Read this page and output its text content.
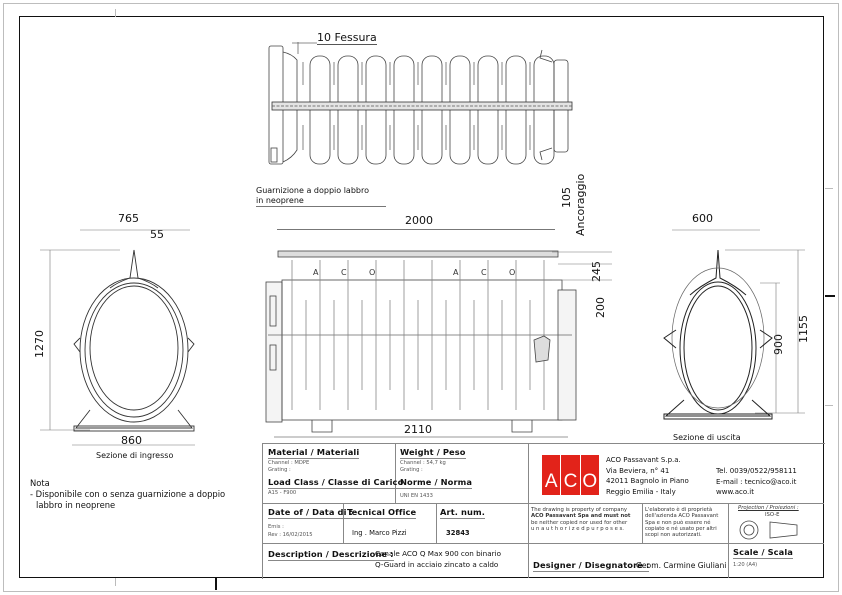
10 Fessura
Guarnizione a doppio labbro
in neoprene
2000
105 Ancoraggio
245
200
A	C	O	A	C	O
2110
765
55
1270
860
Sezione di ingresso
600
900
1155
Sezione di uscita
Nota
- Disponibile con o senza guarnizione a doppio
labbro in neoprene
Material / Materiali
Channel : MDPE
Grating :
Load Class / Classe di Carico
A15 - F900
Weight / Peso
Channel : 54,7 kg
Grating :
Norme / Norma
UNI EN 1433
Date of / Data di :
Emis :
Rev : 16/02/2015
Tecnical Office
Ing . Marco Pizzi
Art. num.
32843
Description / Descrizione :
Canale ACO Q Max 900 con binario
Q-Guard in acciaio zincato a caldo
A C O
ACO Passavant S.p.a.
Via Beviera, n° 41
42011 Bagnolo in Piano
Reggio Emilia - Italy
Tel. 0039/0522/958111
E-mail : tecnico@aco.it
www.aco.it
The drawing is property of company
ACO Passavant Spa and must not
be neither copied nor used for other
u n a u t h o r i z e d p u r p o s e s.
L'elaborato è di proprietà
dell'azienda ACO Passavant
Spa e non può essere né
copiato e né usato per altri
scopi non autorizzati.
Projection / Proiezioni :
ISO-E
Designer / Disegnatore :
Geom. Carmine Giuliani
Scale / Scala
1:20 (A4)
